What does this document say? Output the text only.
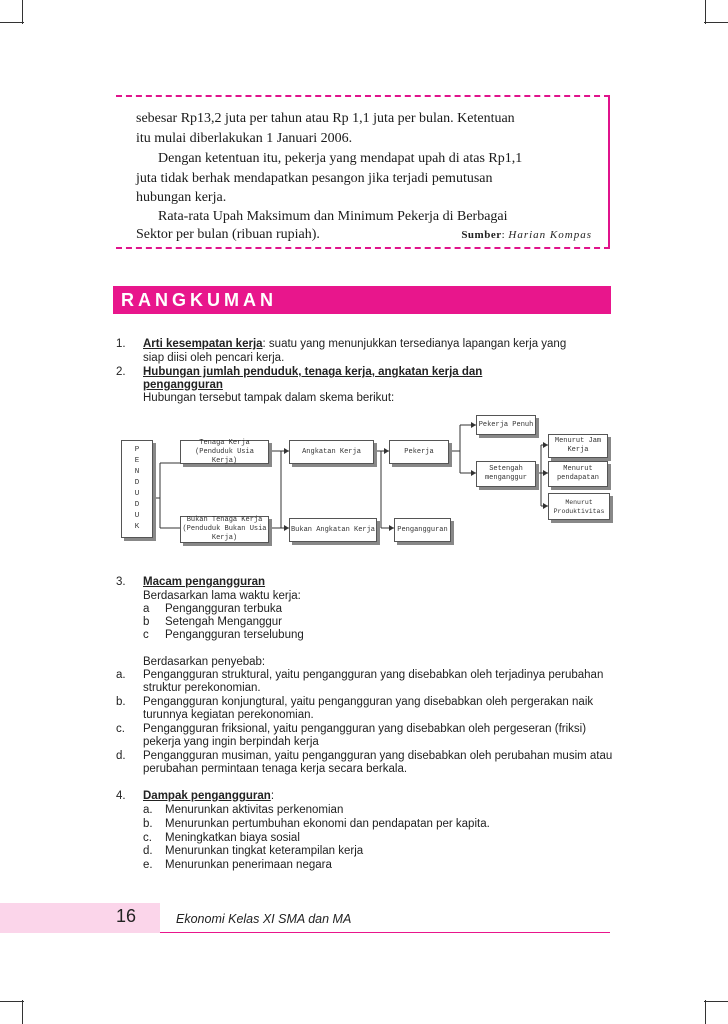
sebesar Rp13,2 juta per tahun atau Rp 1,1 juta per bulan. Ketentuan

itu mulai diberlakukan 1 Januari 2006.

Dengan ketentuan itu, pekerja yang mendapat upah di atas Rp1,1

juta tidak berhak mendapatkan pesangon jika terjadi pemutusan

hubungan kerja.

Rata-rata Upah Maksimum dan Minimum Pekerja di Berbagai

Sektor per bulan (ribuan rupiah).	Sumber: Harian Kompas
RANGKUMAN
1. Arti kesempatan kerja: suatu yang menunjukkan tersedianya lapangan kerja yang
siap diisi oleh pencari kerja.
2. Hubungan jumlah penduduk, tenaga kerja, angkatan kerja dan
pengangguran
Hubungan tersebut tampak dalam skema berikut:
P E N D U D U K
Tenaga Kerja (Penduduk Usia Kerja)
Bukan Tenaga Kerja (Penduduk Bukan Usia Kerja)
Angkatan Kerja
Bukan Angkatan Kerja
Pekerja
Pengangguran
Pekerja Penuh
Setengah menganggur
Menurut Jam Kerja
Menurut pendapatan
Menurut Produktivitas
3. Macam pengangguran
Berdasarkan lama waktu kerja:
a Pengangguran terbuka
b Setengah Menganggur
c Pengangguran terselubung
Berdasarkan penyebab:
a. Pengangguran struktural, yaitu pengangguran yang disebabkan oleh terjadinya perubahan
struktur perekonomian.
b. Pengangguran konjungtural, yaitu pengangguran yang disebabkan oleh pergerakan naik
turunnya kegiatan perekonomian.
c. Pengangguran friksional, yaitu pengangguran yang disebabkan oleh pergeseran (friksi)
pekerja yang ingin berpindah kerja
d. Pengangguran musiman, yaitu pengangguran yang disebabkan oleh perubahan musim atau
perubahan permintaan tenaga kerja secara berkala.
4. Dampak pengangguran:
a. Menurunkan aktivitas perkenomian
b. Menurunkan pertumbuhan ekonomi dan pendapatan per kapita.
c. Meningkatkan biaya sosial
d. Menurunkan tingkat keterampilan kerja
e. Menurunkan penerimaan negara
16	Ekonomi Kelas XI SMA dan MA
